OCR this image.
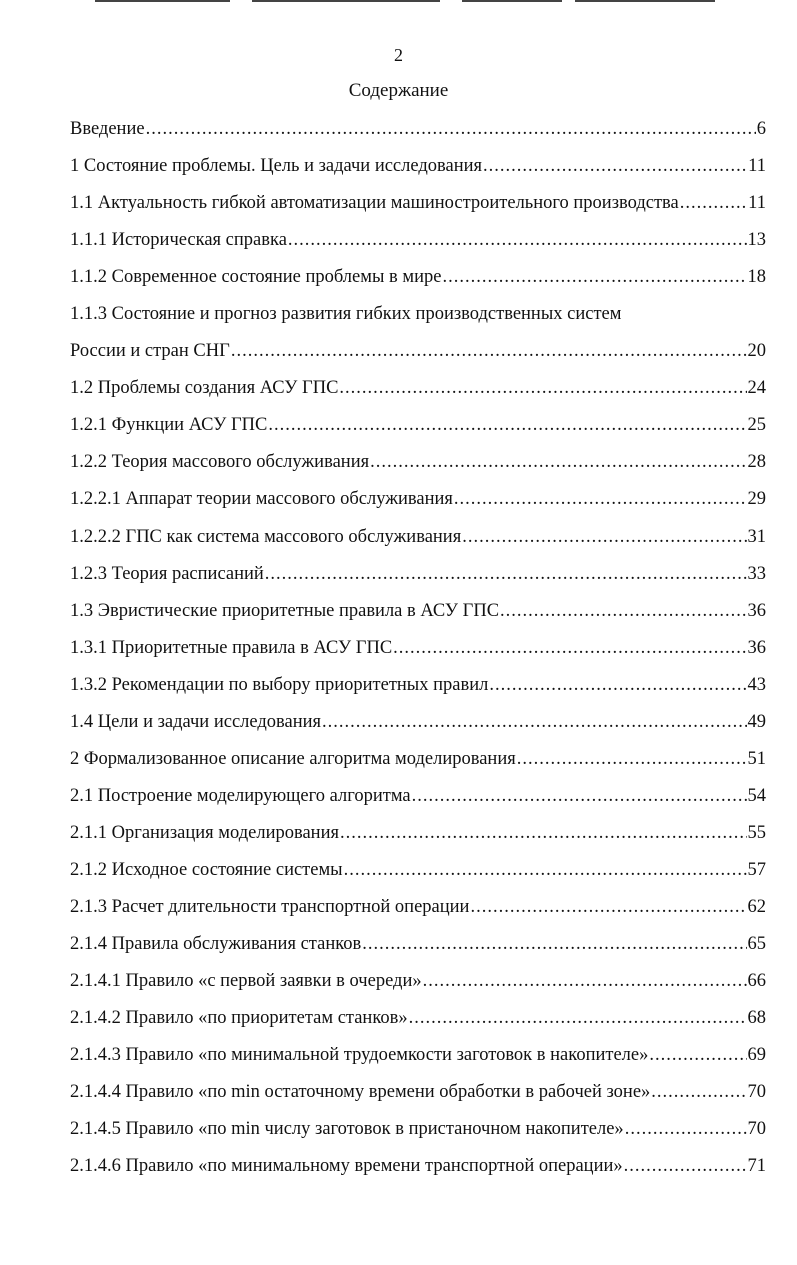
2
Содержание
Введение .....	6
1 Состояние проблемы. Цель и задачи исследования .....	11
1.1 Актуальность гибкой автоматизации машиностроительного производства .....	11
1.1.1 Историческая справка .....	13
1.1.2 Современное состояние проблемы в мире .....	18
1.1.3 Состояние и прогноз развития гибких производственных систем
России и стран СНГ .....	20
1.2 Проблемы создания АСУ ГПС .....	24
1.2.1 Функции АСУ ГПС .....	25
1.2.2 Теория массового обслуживания .....	28
1.2.2.1 Аппарат теории массового обслуживания .....	29
1.2.2.2 ГПС как система массового обслуживания .....	31
1.2.3 Теория расписаний .....	33
1.3 Эвристические приоритетные правила в АСУ ГПС .....	36
1.3.1 Приоритетные правила в АСУ ГПС .....	36
1.3.2 Рекомендации по выбору приоритетных правил .....	43
1.4 Цели и задачи исследования .....	49
2 Формализованное описание алгоритма моделирования .....	51
2.1 Построение моделирующего алгоритма .....	54
2.1.1 Организация моделирования .....	55
2.1.2 Исходное состояние системы .....	57
2.1.3 Расчет длительности транспортной операции .....	62
2.1.4 Правила обслуживания станков .....	65
2.1.4.1 Правило «с первой заявки в очереди» .....	66
2.1.4.2 Правило «по приоритетам станков» .....	68
2.1.4.3 Правило «по минимальной трудоемкости заготовок в накопителе» .....	69
2.1.4.4 Правило «по min остаточному времени обработки в рабочей зоне» .....	70
2.1.4.5 Правило «по min числу заготовок в пристаночном накопителе» .....	70
2.1.4.6 Правило «по минимальному времени транспортной операции» .....	71
